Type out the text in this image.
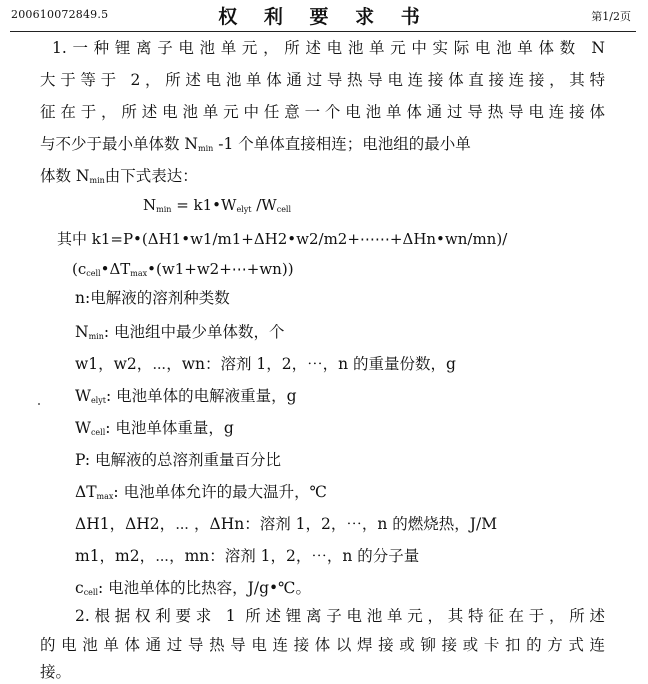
200610072849.5	权 利 要 求 书	第1/2页
1.一种锂离子电池单元，所述电池单元中实际电池单体数 N
大于等于 2，所述电池单体通过导热导电连接体直接连接，其特
征在于，所述电池单元中任意一个电池单体通过导热导电连接体
与不少于最小单体数 $N_{min}$ -1 个单体直接相连；电池组的最小单
体数 $N_{min}$由下式表达：
$N_{min}$ = $k1•W_{elyt}$ $/W_{cell}$
其中 k1=P•(ΔH1•w1/m1+ΔH2•w2/m2+⋯⋯+ΔHn•wn/mn)/
$(c_{cell}•\Delta T_{max}•(w1+w2+\cdots+wn))$
n:电解液的溶剂种类数
$N_{min}$: 电池组中最少单体数，个
w1，w2，⋯，wn：溶剂 1，2，⋯，n 的重量份数，g
$W_{elyt}$: 电池单体的电解液重量，g
$W_{cell}$: 电池单体重量，g
P: 电解液的总溶剂重量百分比
$\Delta T_{max}$: 电池单体允许的最大温升，℃
ΔH1，ΔH2，⋯ ，ΔHn：溶剂 1，2，⋯，n 的燃烧热，J/M
m1，m2，⋯，mn：溶剂 1，2，⋯，n 的分子量
$c_{cell}$: 电池单体的比热容，J/g•℃。
2.根据权利要求 1 所述锂离子电池单元，其特征在于，所述
的电池单体通过导热导电连接体以焊接或铆接或卡扣的方式连
接。
